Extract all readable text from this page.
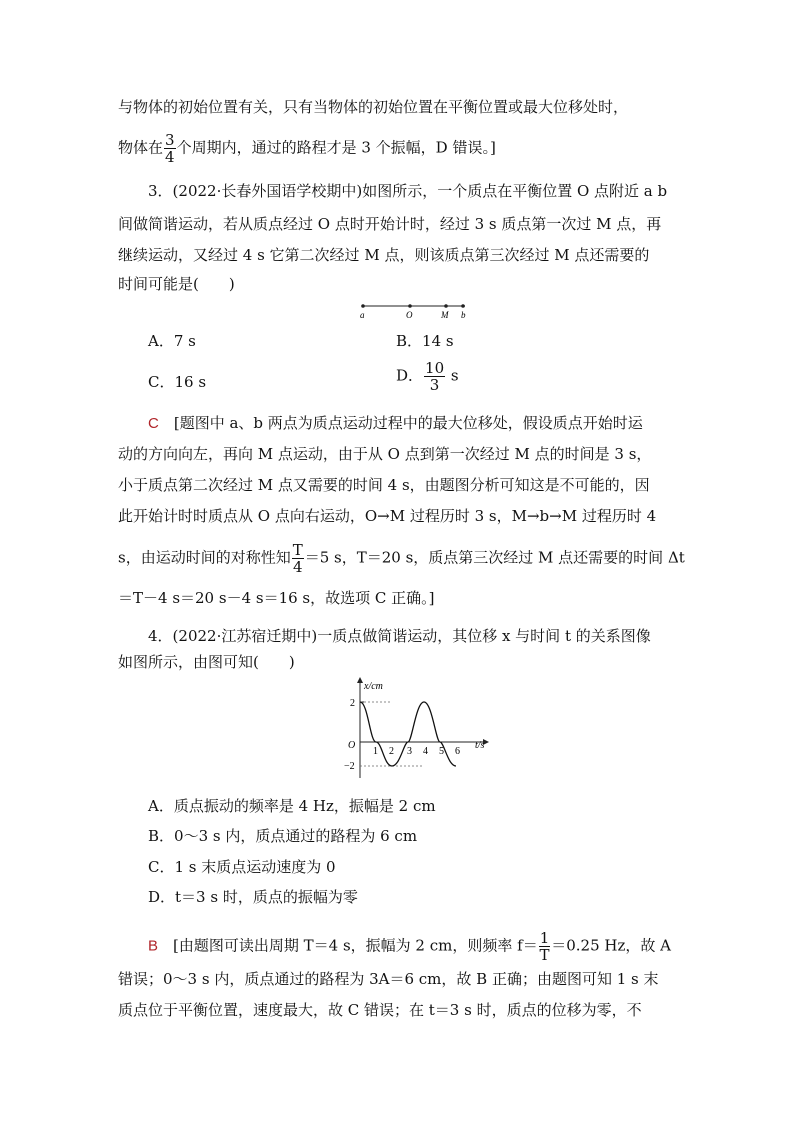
与物体的初始位置有关，只有当物体的初始位置在平衡位置或最大位移处时，
物体在 $\frac{3}{4}$ 个周期内，通过的路程才是 3 个振幅，D 错误。]
3．(2022·长春外国语学校期中)如图所示，一个质点在平衡位置 O 点附近 a b
间做简谐运动，若从质点经过 O 点时开始计时，经过 3 s 质点第一次过 M 点，再
继续运动，又经过 4 s 它第二次经过 M 点，则该质点第三次经过 M 点还需要的
时间可能是(　　)
a	O	M b
A．7 s	B．14 s
C．16 s	D． $\frac{10}{3}$ s
C　 [题图中 a、b 两点为质点运动过程中的最大位移处，假设质点开始时运
动的方向向左，再向 M 点运动，由于从 O 点到第一次经过 M 点的时间是 3 s，
小于质点第二次经过 M 点又需要的时间 4 s，由题图分析可知这是不可能的，因
此开始计时时质点从 O 点向右运动，O→M 过程历时 3 s，M→b→M 过程历时 4
s，由运动时间的对称性知 $\frac{T}{4} =5$ s，T＝20 s，质点第三次经过 M 点还需要的时间 Δt
＝T－4 s＝20 s－4 s＝16 s，故选项 C 正确。]
4．(2022·江苏宿迁期中)一质点做简谐运动，其位移 x 与时间 t 的关系图像
如图所示，由图可知(　　)
x/cm
t/s
O
2
−2
1 2 3 4 5 6
A．质点振动的频率是 4 Hz，振幅是 2 cm
B．0～3 s 内，质点通过的路程为 6 cm
C．1 s 末质点运动速度为 0
D．t＝3 s 时，质点的振幅为零
B　 [由题图可读出周期 T＝4 s，振幅为 2 cm，则频率 $f= \frac{1}{T} =0.25$ Hz，故 A
错误；0～3 s 内，质点通过的路程为 3A＝6 cm，故 B 正确；由题图可知 1 s 末
质点位于平衡位置，速度最大，故 C 错误；在 t＝3 s 时，质点的位移为零，不
